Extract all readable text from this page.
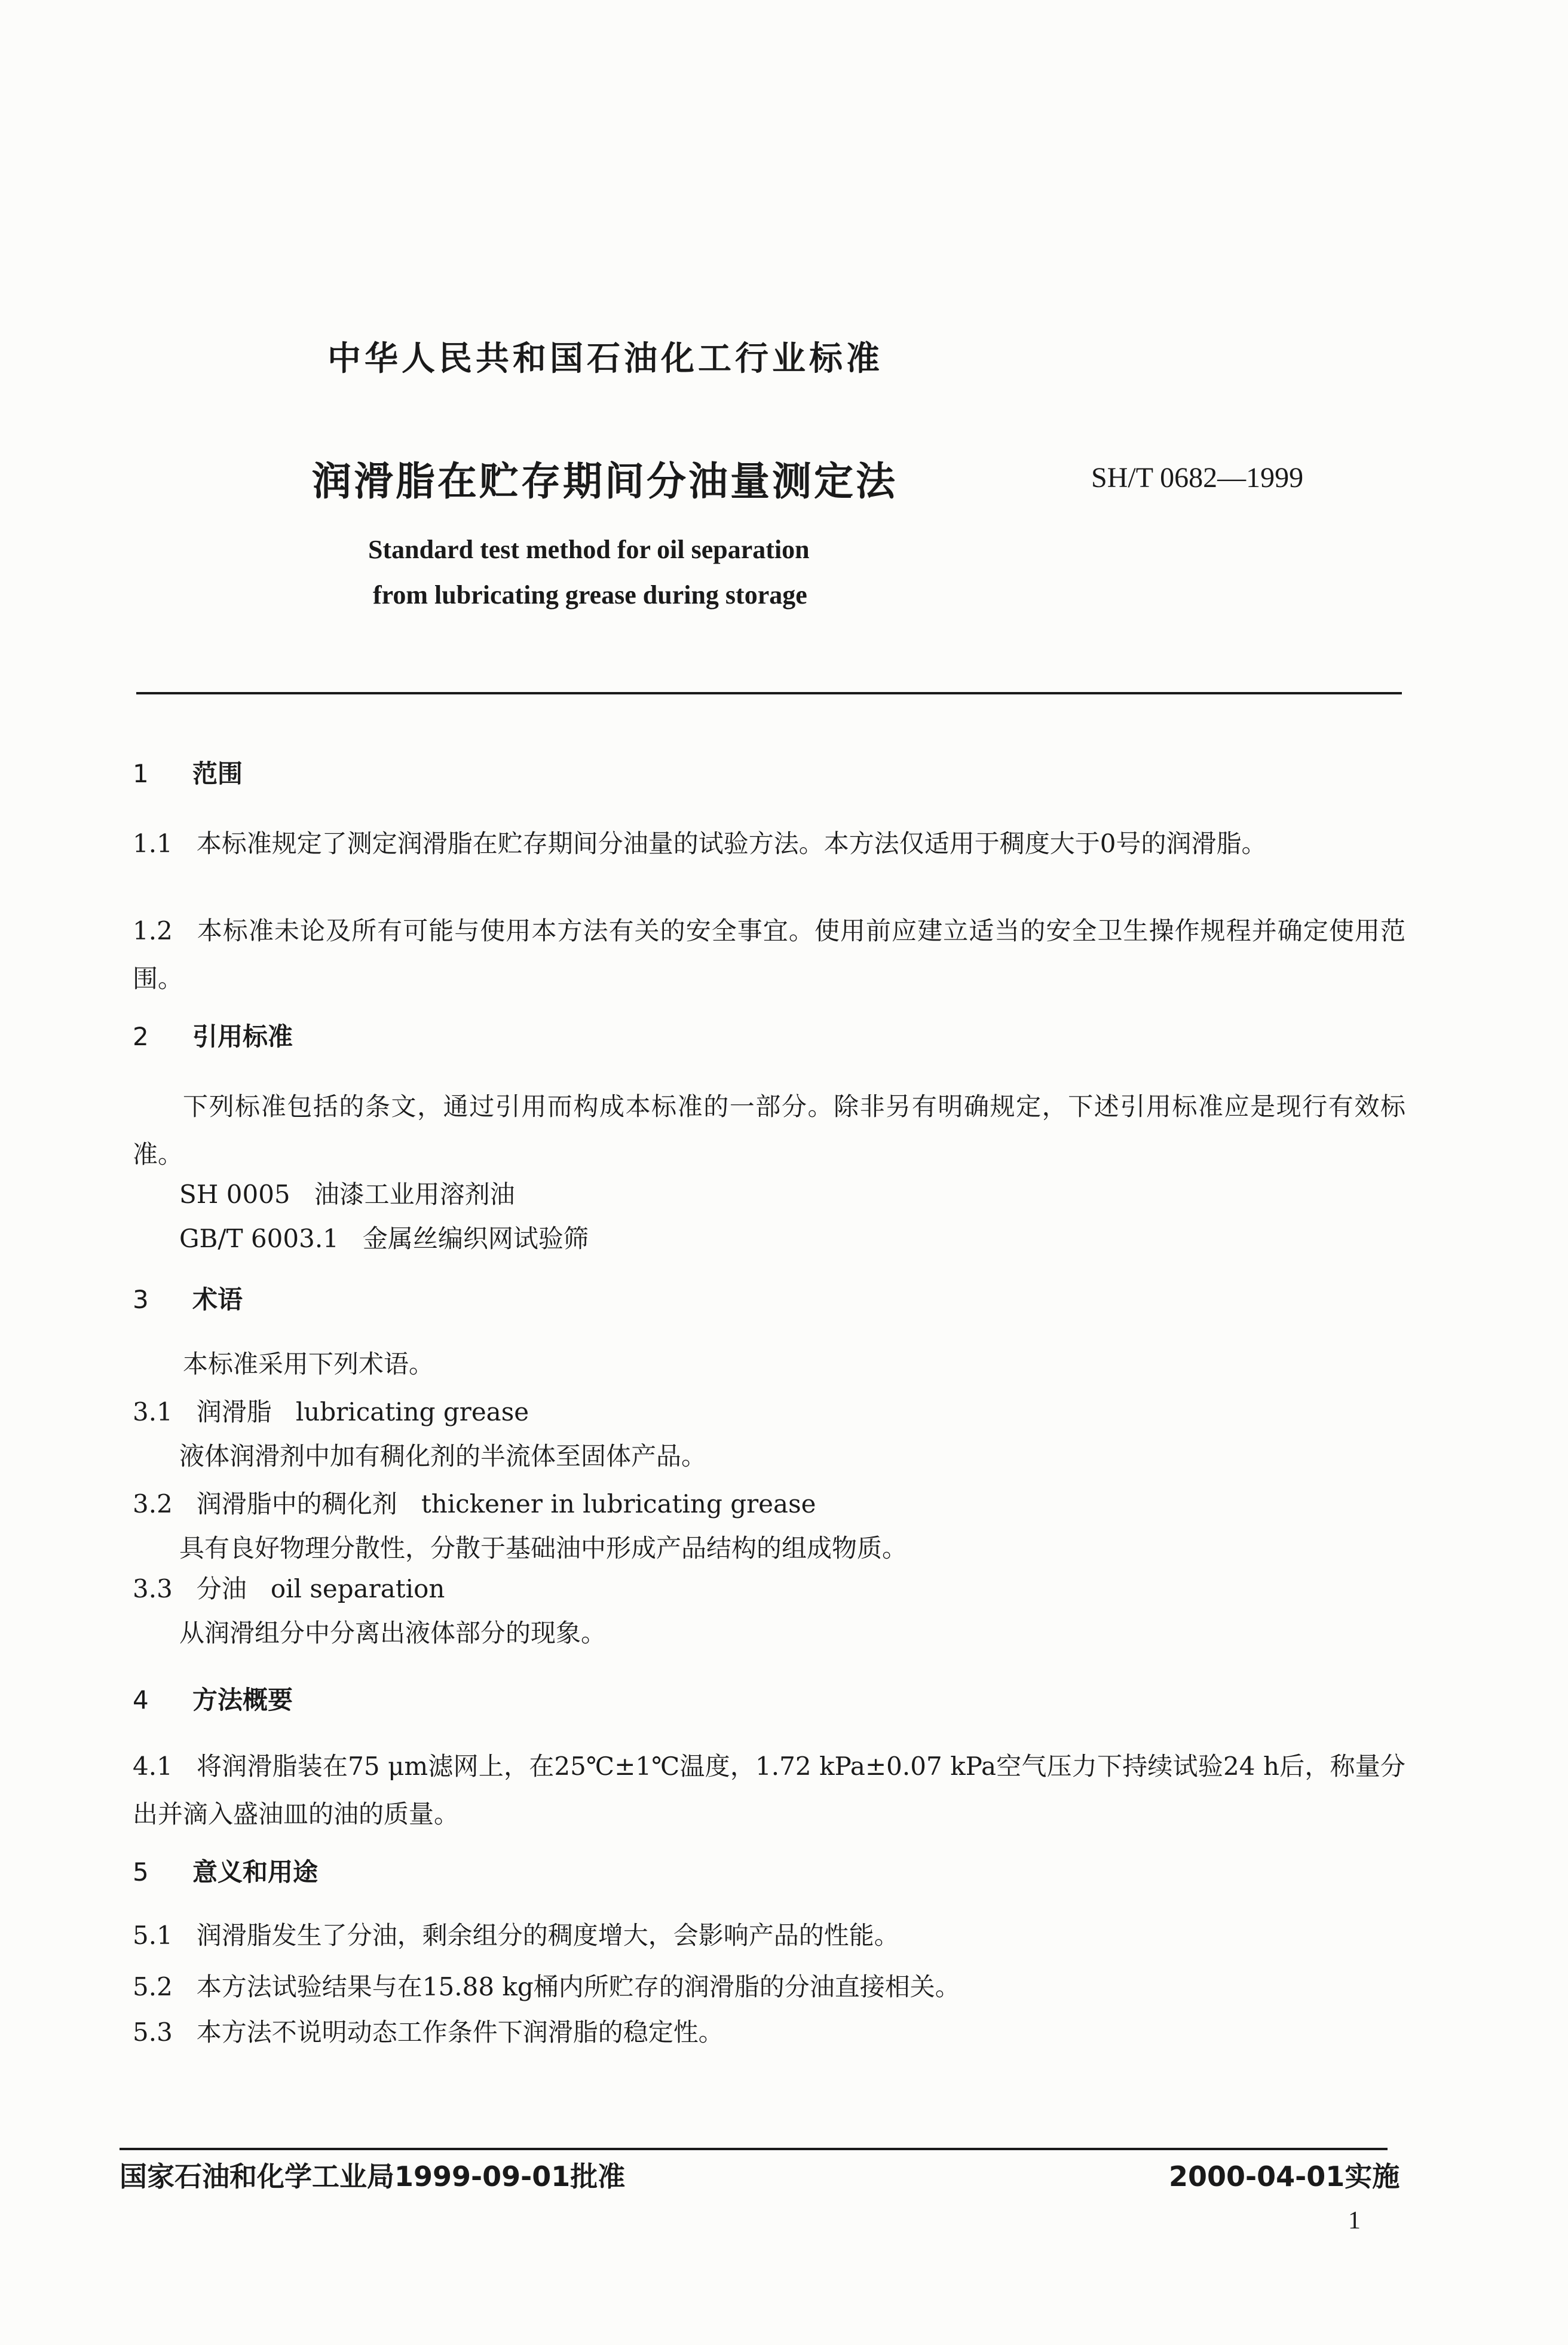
中华人民共和国石油化工行业标准
润滑脂在贮存期间分油量测定法	SH/T 0682—1999
Standard test method for oil separation
from lubricating grease during storage
1 范围
1.1 本标准规定了测定润滑脂在贮存期间分油量的试验方法。本方法仅适用于稠度大于0号的润滑脂。
1.2 本标准未论及所有可能与使用本方法有关的安全事宜。使用前应建立适当的安全卫生操作规程并确定使用范围。
2 引用标准
下列标准包括的条文，通过引用而构成本标准的一部分。除非另有明确规定，下述引用标准应是现行有效标准。
SH 0005 油漆工业用溶剂油
GB/T 6003.1 金属丝编织网试验筛
3 术语
本标准采用下列术语。
3.1 润滑脂 lubricating grease
液体润滑剂中加有稠化剂的半流体至固体产品。
3.2 润滑脂中的稠化剂 thickener in lubricating grease
具有良好物理分散性，分散于基础油中形成产品结构的组成物质。
3.3 分油 oil separation
从润滑组分中分离出液体部分的现象。
4 方法概要
4.1 将润滑脂装在75 μm滤网上，在25℃±1℃温度，1.72 kPa±0.07 kPa空气压力下持续试验24 h后，称量分出并滴入盛油皿的油的质量。
5 意义和用途
5.1 润滑脂发生了分油，剩余组分的稠度增大，会影响产品的性能。
5.2 本方法试验结果与在15.88 kg桶内所贮存的润滑脂的分油直接相关。
5.3 本方法不说明动态工作条件下润滑脂的稳定性。
国家石油和化学工业局1999-09-01批准	2000-04-01实施
1
